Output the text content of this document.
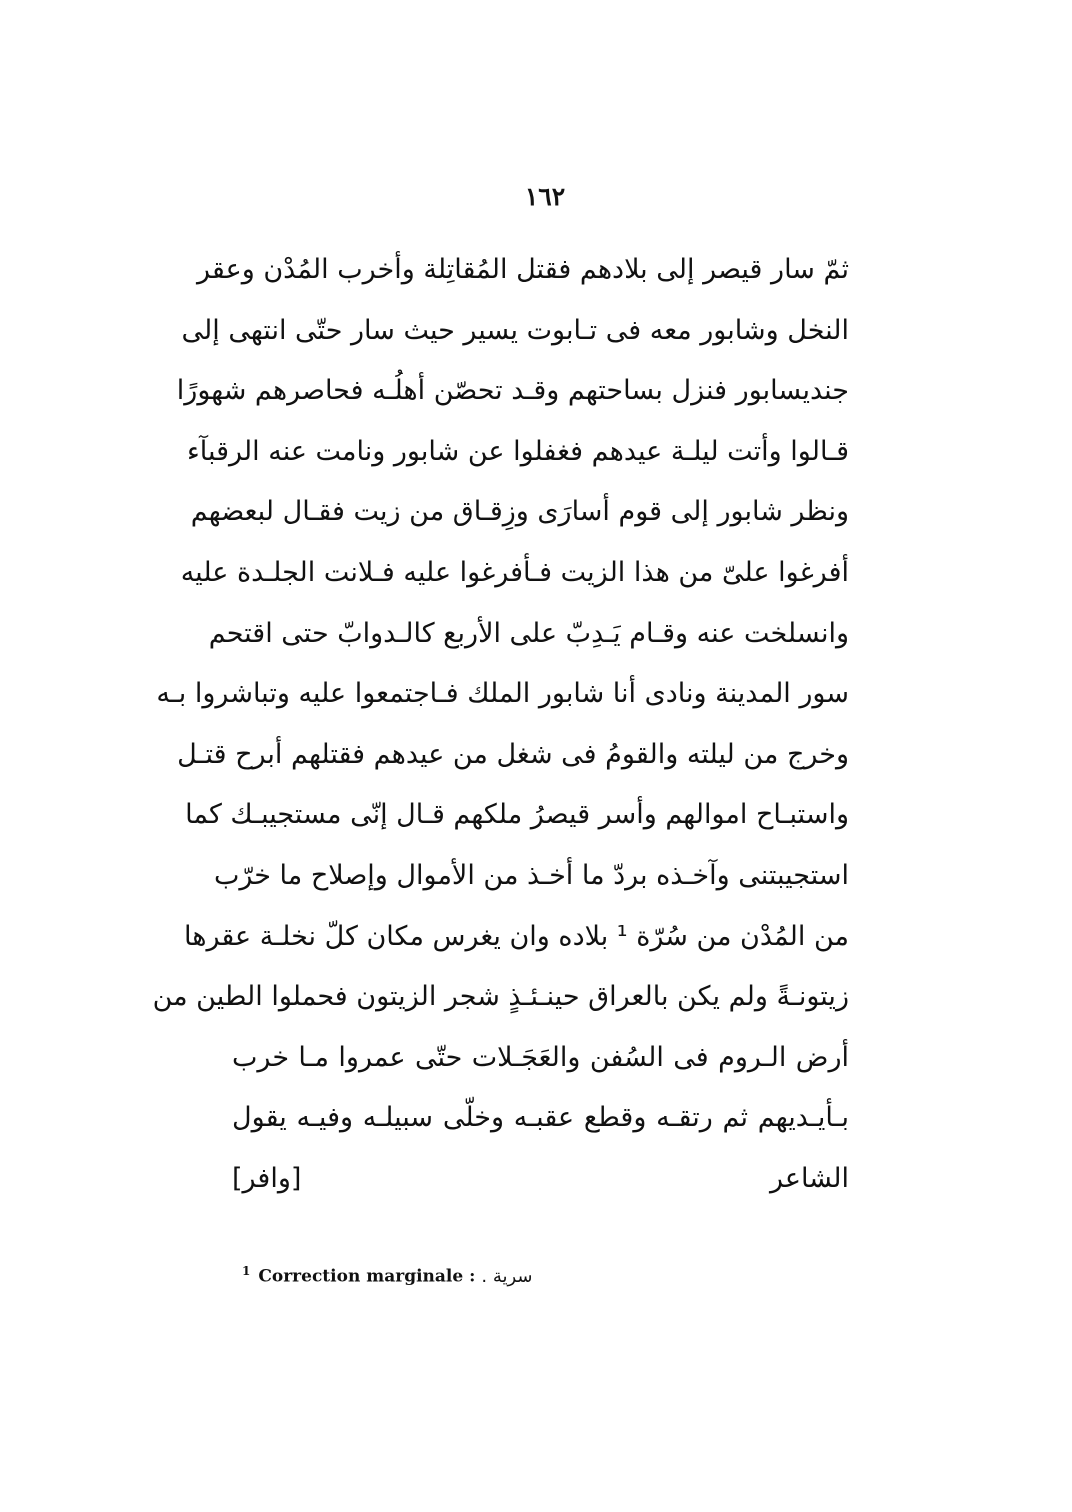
١٦٢
ثمّ سار قيصر إلى بلادهم فقتل المُقاتِلة وأخرب المُدْن وعقر
النخل وشابور معه فى تـابوت يسير حيث سار حتّى انتهى إلى
جنديسابور فنزل بساحتهم وقـد تحصّن أهلُـه فحاصرهم شهورًا
قـالوا وأتت ليلـة عيدهم فغفلوا عن شابور ونامت عنه الرقبآء
ونظر شابور إلى قوم أسارَى وزِقـاق من زيت فقـال لبعضهم
أفرغوا علىّ من هذا الزيت فـأفرغوا عليه فـلانت الجلـدة عليه
وانسلخت عنه وقـام يَـدِبّ على الأربع كالـدوابّ حتى اقتحم
سور المدينة ونادى أنا شابور الملك فـاجتمعوا عليه وتباشروا بـه
وخرج من ليلته والقومُ فى شغل من عيدهم فقتلهم أبرح قتـل
واستبـاح اموالهم وأسر قيصرُ ملكهم قـال إنّى مستجيبـك كما
استجيبتنى وآخـذه بردّ ما أخـذ من الأموال وإصلاح ما خرّب
من المُدْن من سُرّة ¹ بلاده وان يغرس مكان كلّ نخلـة عقرها
زيتونـةً ولم يكن بالعراق حينـئـذٍ شجر الزيتون فحملوا الطين من
أرض الـروم فى السُفن والعَجَـلات حتّى عمروا مـا خرب
بـأيـديهم ثم رتقـه وقطع عقبـه وخلّى سبيلـه وفيـه يقول
الشاعر
[وافر]
$^1$ Correction marginale : سرية .
